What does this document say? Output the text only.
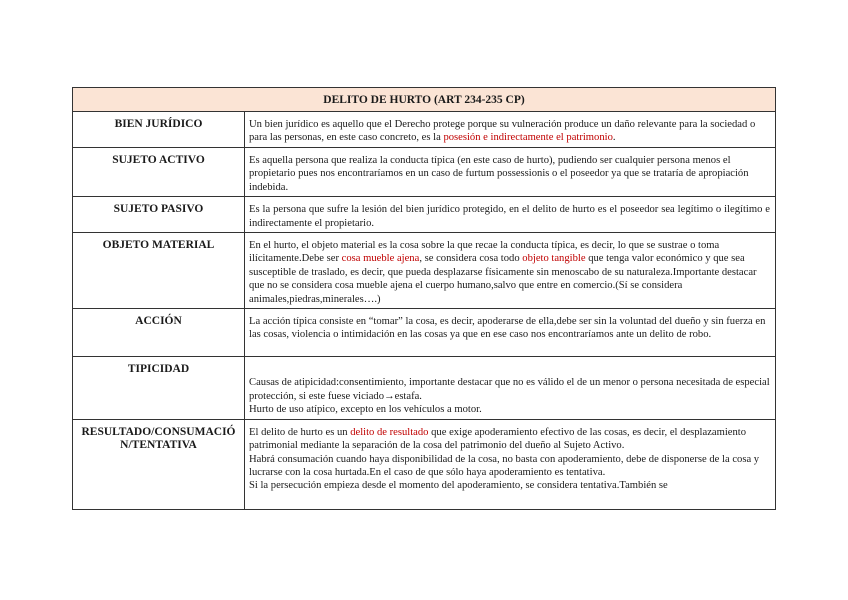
DELITO DE HURTO (ART 234-235 CP)	
BIEN JURÍDICO	Un bien jurídico es aquello que el Derecho protege porque su vulneración produce un daño relevante para la sociedad o para las personas, en este caso concreto, es la posesión e indirectamente el patrimonio.
SUJETO ACTIVO	Es aquella persona que realiza la conducta típica (en este caso de hurto), pudiendo ser cualquier persona menos el propietario pues nos encontraríamos en un caso de furtum possessionis o el poseedor ya que se trataría de apropiación indebida.
SUJETO PASIVO	Es la persona que sufre la lesión del bien jurídico protegido, en el delito de hurto es el poseedor sea legítimo o ilegítimo e indirectamente el propietario.
OBJETO MATERIAL	En el hurto, el objeto material es la cosa sobre la que recae la conducta típica, es decir, lo que se sustrae o toma ilícitamente.Debe ser cosa mueble ajena, se considera cosa todo objeto tangible que tenga valor económico y que sea susceptible de traslado, es decir, que pueda desplazarse físicamente sin menoscabo de su naturaleza.Importante destacar que no se considera cosa mueble ajena el cuerpo humano,salvo que entre en comercio.(Sí se considera animales,piedras,minerales….)
ACCIÓN	La acción típica consiste en “tomar” la cosa, es decir, apoderarse de ella,debe ser sin la voluntad del dueño y sin fuerza en las cosas, violencia o intimidación en las cosas ya que en ese caso nos encontraríamos ante un delito de robo.
TIPICIDAD	Causas de atipicidad:consentimiento, importante destacar que no es válido el de un menor o persona necesitada de especial protección, si este fuese viciado→estafa.
Hurto de uso atípico, excepto en los vehículos a motor.

RESULTADO/CONSUMACIÓ
N/TENTATIVA	El delito de hurto es un delito de resultado que exige apoderamiento efectivo de las cosas, es decir, el desplazamiento patrimonial mediante la separación de la cosa del patrimonio del dueño al Sujeto Activo.
Habrá consumación cuando haya disponibilidad de la cosa, no basta con apoderamiento, debe de disponerse de la cosa y lucrarse con la cosa hurtada.En el caso de que sólo haya apoderamiento es tentativa.
Si la persecución empieza desde el momento del apoderamiento, se considera tentativa.También se
